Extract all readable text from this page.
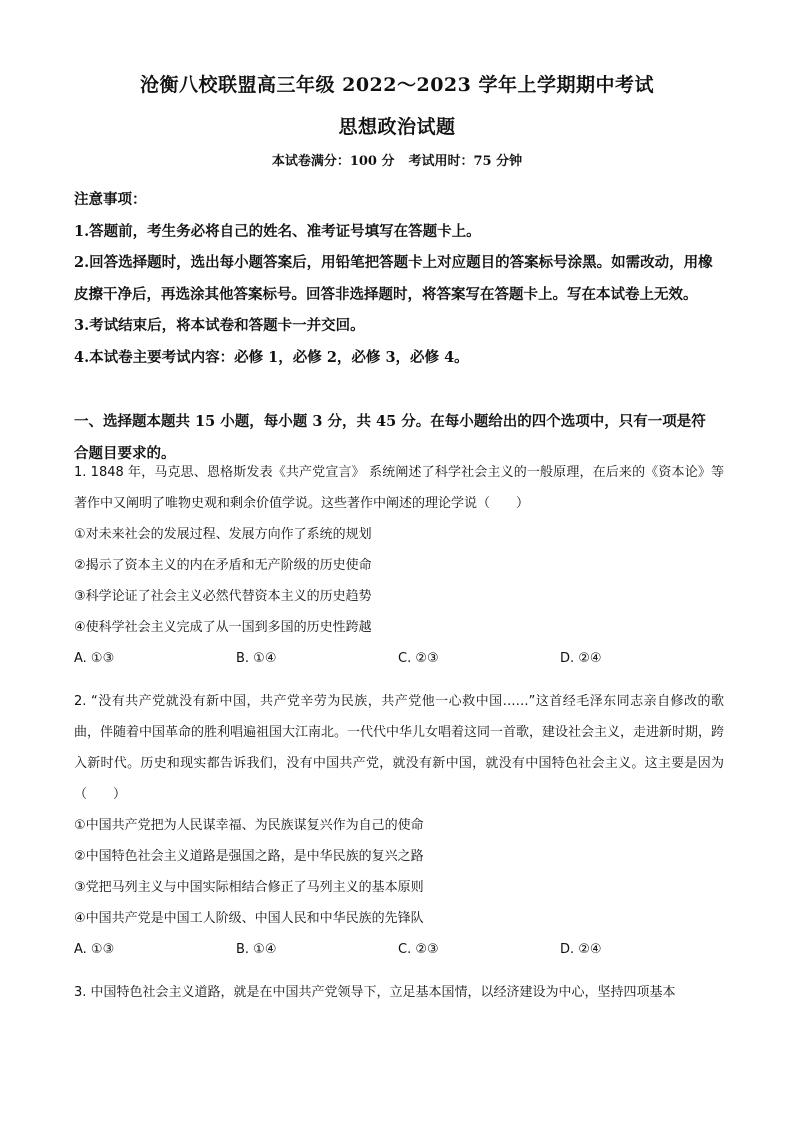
沧衡八校联盟高三年级 2022～2023 学年上学期期中考试
思想政治试题
本试卷满分：100 分 考试用时：75 分钟

注意事项：

1.答题前，考生务必将自己的姓名、准考证号填写在答题卡上。

2.回答选择题时，选出每小题答案后，用铅笔把答题卡上对应题目的答案标号涂黑。如需改动，用橡皮擦干净后，再选涂其他答案标号。回答非选择题时，将答案写在答题卡上。写在本试卷上无效。

3.考试结束后，将本试卷和答题卡一并交回。

4.本试卷主要考试内容：必修 1，必修 2，必修 3，必修 4。

一、选择题本题共 15 小题，每小题 3 分，共 45 分。在每小题给出的四个选项中，只有一项是符合题目要求的。

1. 1848 年，马克思、恩格斯发表《共产党宣言》 系统阐述了科学社会主义的一般原理，在后来的《资本论》等著作中又阐明了唯物史观和剩余价值学说。这些著作中阐述的理论学说（　　）

①对未来社会的发展过程、发展方向作了系统的规划

②揭示了资本主义的内在矛盾和无产阶级的历史使命

③科学论证了社会主义必然代替资本主义的历史趋势

④使科学社会主义完成了从一国到多国的历史性跨越

A. ①③	B. ①④	C. ②③	D. ②④

2. “没有共产党就没有新中国，共产党辛劳为民族，共产党他一心救中国……”这首经毛泽东同志亲自修改的歌曲，伴随着中国革命的胜利唱遍祖国大江南北。一代代中华儿女唱着这同一首歌，建设社会主义，走进新时期，跨入新时代。历史和现实都告诉我们，没有中国共产党，就没有新中国，就没有中国特色社会主义。这主要是因为（　　）

①中国共产党把为人民谋幸福、为民族谋复兴作为自己的使命

②中国特色社会主义道路是强国之路，是中华民族的复兴之路

③党把马列主义与中国实际相结合修正了马列主义的基本原则

④中国共产党是中国工人阶级、中国人民和中华民族的先锋队

A. ①③	B. ①④	C. ②③	D. ②④

3. 中国特色社会主义道路，就是在中国共产党领导下，立足基本国情，以经济建设为中心，坚持四项基本
